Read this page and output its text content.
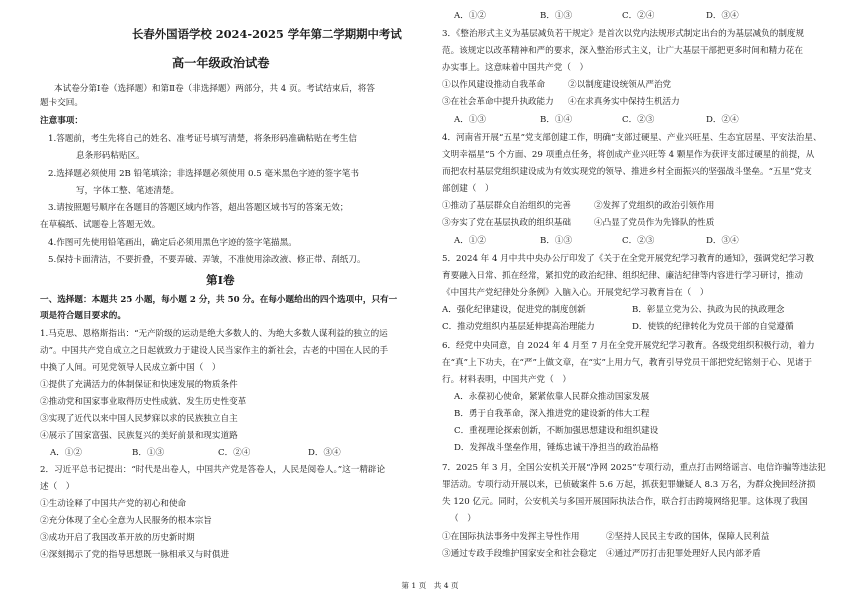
长春外国语学校 2024-2025 学年第二学期期中考试
高一年级政治试卷
本试卷分第Ⅰ卷（选择题）和第Ⅱ卷（非选择题）两部分，共 4 页。考试结束后，将答
题卡交回。
注意事项：
1.答题前，考生先将自己的姓名、准考证号填写清楚，将条形码准确粘贴在考生信
息条形码粘贴区。
2.选择题必须使用 2B 铅笔填涂；非选择题必须使用 0.5 毫米黑色字迹的签字笔书
写，字体工整、笔迹清楚。
3.请按照题号顺序在各题目的答题区域内作答，超出答题区域书写的答案无效；
在草稿纸、试题卷上答题无效。
4.作图可先使用铅笔画出，确定后必须用黑色字迹的签字笔描黑。
5.保持卡面清洁，不要折叠，不要弄破、弄皱，不准使用涂改液、修正带、刮纸刀。
第Ⅰ卷
一、选择题：本题共 25 小题，每小题 2 分，共 50 分。在每小题给出的四个选项中，只有一
项是符合题目要求的。
1.马克思、恩格斯指出：“无产阶级的运动是绝大多数人的、为绝大多数人谋利益的独立的运
动”。中国共产党自成立之日起就致力于建设人民当家作主的新社会，古老的中国在人民的手
中换了人间。可见党领导人民成立新中国（　）
①提供了充满活力的体制保证和快速发展的物质条件
②推动党和国家事业取得历史性成就、发生历史性变革
③实现了近代以来中国人民梦寐以求的民族独立自主
④展示了国家富强、民族复兴的美好前景和现实道路
A．①②	B．①③	C．②④	D．③④
2．习近平总书记提出：“时代是出卷人，中国共产党是答卷人，人民是阅卷人。”这一精辟论
述（　）
①生动诠释了中国共产党的初心和使命
②充分体现了全心全意为人民服务的根本宗旨
③成功开启了我国改革开放的历史新时期
④深刻揭示了党的指导思想既一脉相承又与时俱进
A．①②	B．①③	C．②④	D．③④
3．《整治形式主义为基层减负若干规定》是首次以党内法规形式制定出台的为基层减负的制度规
范。该规定以改革精神和严的要求，深入整治形式主义，让广大基层干部把更多时间和精力花在
办实事上。这意味着中国共产党（　）
①以作风建设推动自我革命	②以制度建设统领从严治党
③在社会革命中提升执政能力 ④在求真务实中保持生机活力
A．①③	B．①④	C．②③	D．②④
4．河南省开展“五星”党支部创建工作，明确“支部过硬星、产业兴旺星、生态宜居星、平安法治星、
文明幸福星”5 个方面、29 项重点任务，将创成产业兴旺等 4 颗星作为获评支部过硬星的前提，从
而把农村基层党组织建设成为有效实现党的领导、推进乡村全面振兴的坚强战斗堡垒。“五星”党支
部创建（　）
①推动了基层群众自治组织的完善	②发挥了党组织的政治引领作用
③夯实了党在基层执政的组织基础	④凸显了党员作为先锋队的性质
A．①②	B．①③	C．②③	D．③④
5．2024 年 4 月中共中央办公厅印发了《关于在全党开展党纪学习教育的通知》，强调党纪学习教
育要融入日常、抓在经常，紧扣党的政治纪律、组织纪律、廉洁纪律等内容进行学习研讨，推动
《中国共产党纪律处分条例》入脑入心。开展党纪学习教育旨在（　）
A．强化纪律建设，促进党的制度创新	B．彰显立党为公、执政为民的执政理念
C．推动党组织内基层延伸提高治理能力	D．使铁的纪律转化为党员干部的自觉遵循
6．经党中央同意，自 2024 年 4 月至 7 月在全党开展党纪学习教育。各级党组织积极行动，着力
在“真”上下功夫，在“严”上做文章，在“实”上用力气，教育引导党员干部把党纪铭刻于心、见诸于
行。材料表明，中国共产党（　）
A．永葆初心使命，紧紧依靠人民群众推动国家发展
B．勇于自我革命，深入推进党的建设新的伟大工程
C．重视理论探索创新，不断加强思想建设和组织建设
D．发挥战斗堡垒作用，锤炼忠诚干净担当的政治品格
7．2025 年 3 月，全国公安机关开展“净网 2025”专项行动，重点打击网络谣言、电信诈骗等违法犯
罪活动。专项行动开展以来，已侦破案件 5.6 万起，抓获犯罪嫌疑人 8.3 万名，为群众挽回经济损
失 120 亿元。同时，公安机关与多国开展国际执法合作，联合打击跨境网络犯罪。这体现了我国
（　）
①在国际执法事务中发挥主导性作用	②坚持人民民主专政的国体，保障人民利益
③通过专政手段维护国家安全和社会稳定 ④通过严厉打击犯罪处理好人民内部矛盾
第 1 页　共 4 页
